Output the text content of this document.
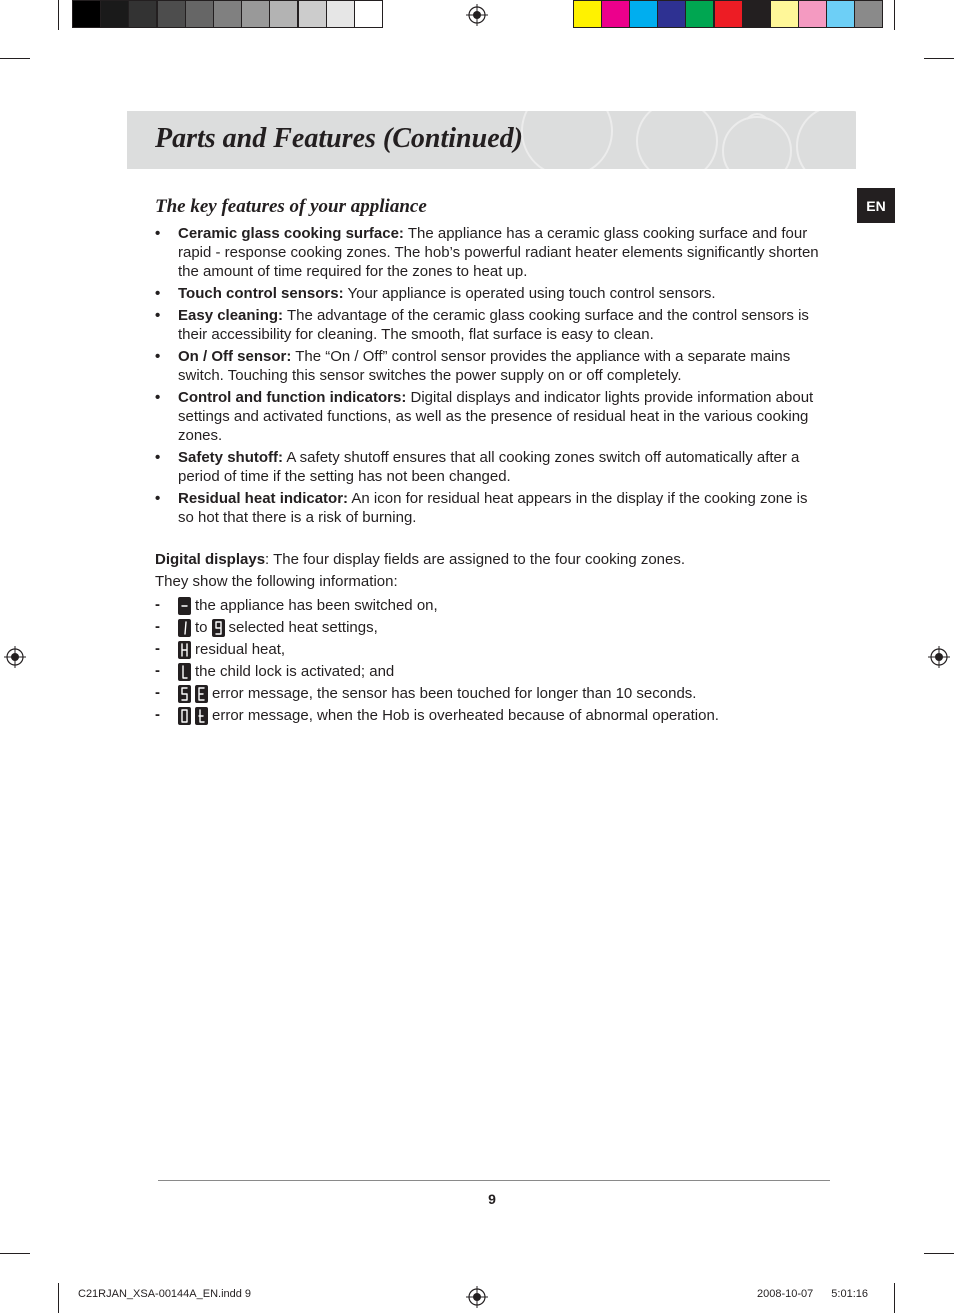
Parts and Features (Continued)
EN
The key features of your appliance
• Ceramic glass cooking surface: The appliance has a ceramic glass cooking surface and four rapid - response cooking zones. The hob’s powerful radiant heater elements significantly shorten the amount of time required for the zones to heat up.
• Touch control sensors: Your appliance is operated using touch control sensors.
• Easy cleaning: The advantage of the ceramic glass cooking surface and the control sensors is their accessibility for cleaning. The smooth, flat surface is easy to clean.
• On / Off sensor: The “On / Off” control sensor provides the appliance with a separate mains switch. Touching this sensor switches the power supply on or off completely.
• Control and function indicators: Digital displays and indicator lights provide information about settings and activated functions, as well as the presence of residual heat in the various cooking zones.
• Safety shutoff: A safety shutoff ensures that all cooking zones switch off automatically after a period of time if the setting has not been changed.
• Residual heat indicator: An icon for residual heat appears in the display if the cooking zone is so hot that there is a risk of burning.
Digital displays: The four display fields are assigned to the four cooking zones.
They show the following information:
- the appliance has been switched on,
- to selected heat settings,
- residual heat,
- the child lock is activated; and
-	error message, the sensor has been touched for longer than 10 seconds.
-	error message, when the Hob is overheated because of abnormal operation.
9
C21RJAN_XSA-00144A_EN.indd 9	2008-10-07 5:01:16
